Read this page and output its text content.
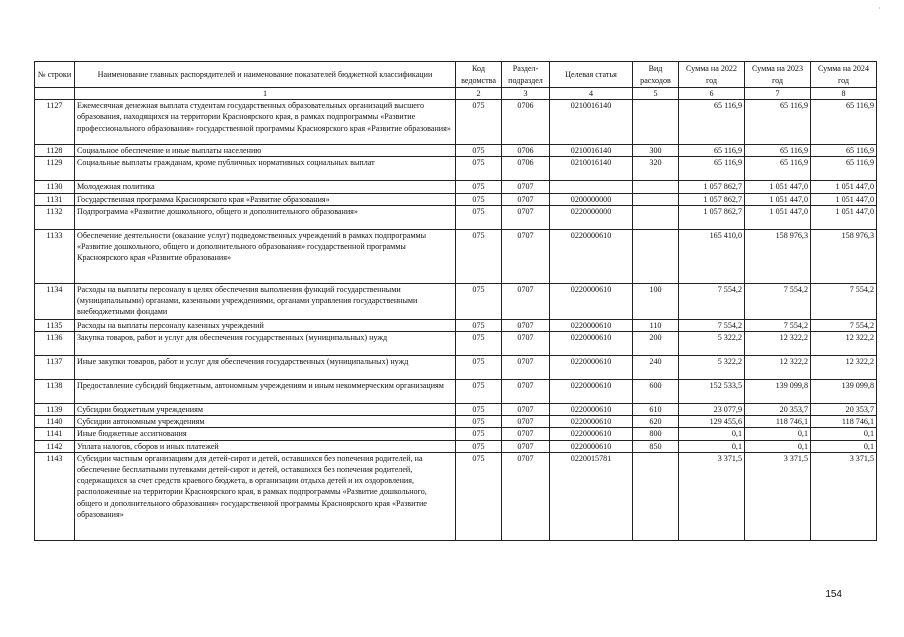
·
№ строки	Наименование главных распорядителей и наименование показателей бюджетной классификации	Код ведомства	Раздел-подраздел	Целевая статья	Вид расходов	Сумма на 2022 год	Сумма на 2023 год	Сумма на 2024 год
	1	2	3	4	5	6	7	8
1127	Ежемесячная денежная выплата студентам государственных образовательных организаций высшего образования, находящихся на территории Красноярского края, в рамках подпрограммы «Развитие профессионального образования» государственной программы Красноярского края «Развитие образования»	075	0706	0210016140		65 116,9	65 116,9	65 116,9
1128	Социальное обеспечение и иные выплаты населению	075	0706	0210016140	300	65 116,9	65 116,9	65 116,9
1129	Социальные выплаты гражданам, кроме публичных нормативных социальных выплат	075	0706	0210016140	320	65 116,9	65 116,9	65 116,9
1130	Молодежная политика	075	0707			1 057 862,7	1 051 447,0	1 051 447,0
1131	Государственная программа Красноярского края «Развитие образования»	075	0707	0200000000		1 057 862,7	1 051 447,0	1 051 447,0
1132	Подпрограмма «Развитие дошкольного, общего и дополнительного образования»	075	0707	0220000000		1 057 862,7	1 051 447,0	1 051 447,0
1133	Обеспечение деятельности (оказание услуг) подведомственных учреждений в рамках подпрограммы «Развитие дошкольного, общего и дополнительного образования» государственной программы Красноярского края «Развитие образования»	075	0707	0220000610		165 410,0	158 976,3	158 976,3
1134	Расходы на выплаты персоналу в целях обеспечения выполнения функций государственными (муниципальными) органами, казенными учреждениями, органами управления государственными внебюджетными фондами	075	0707	0220000610	100	7 554,2	7 554,2	7 554,2
1135	Расходы на выплаты персоналу казенных учреждений	075	0707	0220000610	110	7 554,2	7 554,2	7 554,2
1136	Закупка товаров, работ и услуг для обеспечения государственных (муниципальных) нужд	075	0707	0220000610	200	5 322,2	12 322,2	12 322,2
1137	Иные закупки товаров, работ и услуг для обеспечения государственных (муниципальных) нужд	075	0707	0220000610	240	5 322,2	12 322,2	12 322,2
1138	Предоставление субсидий бюджетным, автономным учреждениям и иным некоммерческим организациям	075	0707	0220000610	600	152 533,5	139 099,8	139 099,8
1139	Субсидии бюджетным учреждениям	075	0707	0220000610	610	23 077,9	20 353,7	20 353,7
1140	Субсидии автономным учреждениям	075	0707	0220000610	620	129 455,6	118 746,1	118 746,1
1141	Иные бюджетные ассигнования	075	0707	0220000610	800	0,1	0,1	0,1
1142	Уплата налогов, сборов и иных платежей	075	0707	0220000610	850	0,1	0,1	0,1
1143	Субсидии частным организациям для детей-сирот и детей, оставшихся без попечения родителей, на обеспечение бесплатными путевками детей-сирот и детей, оставшихся без попечения родителей, содержащихся за счет средств краевого бюджета, в организации отдыха детей и их оздоровления, расположенные на территории Красноярского края, в рамках подпрограммы «Развитие дошкольного, общего и дополнительного образования» государственной программы Красноярского края «Развитие образования»	075	0707	0220015781		3 371,5	3 371,5	3 371,5
154
